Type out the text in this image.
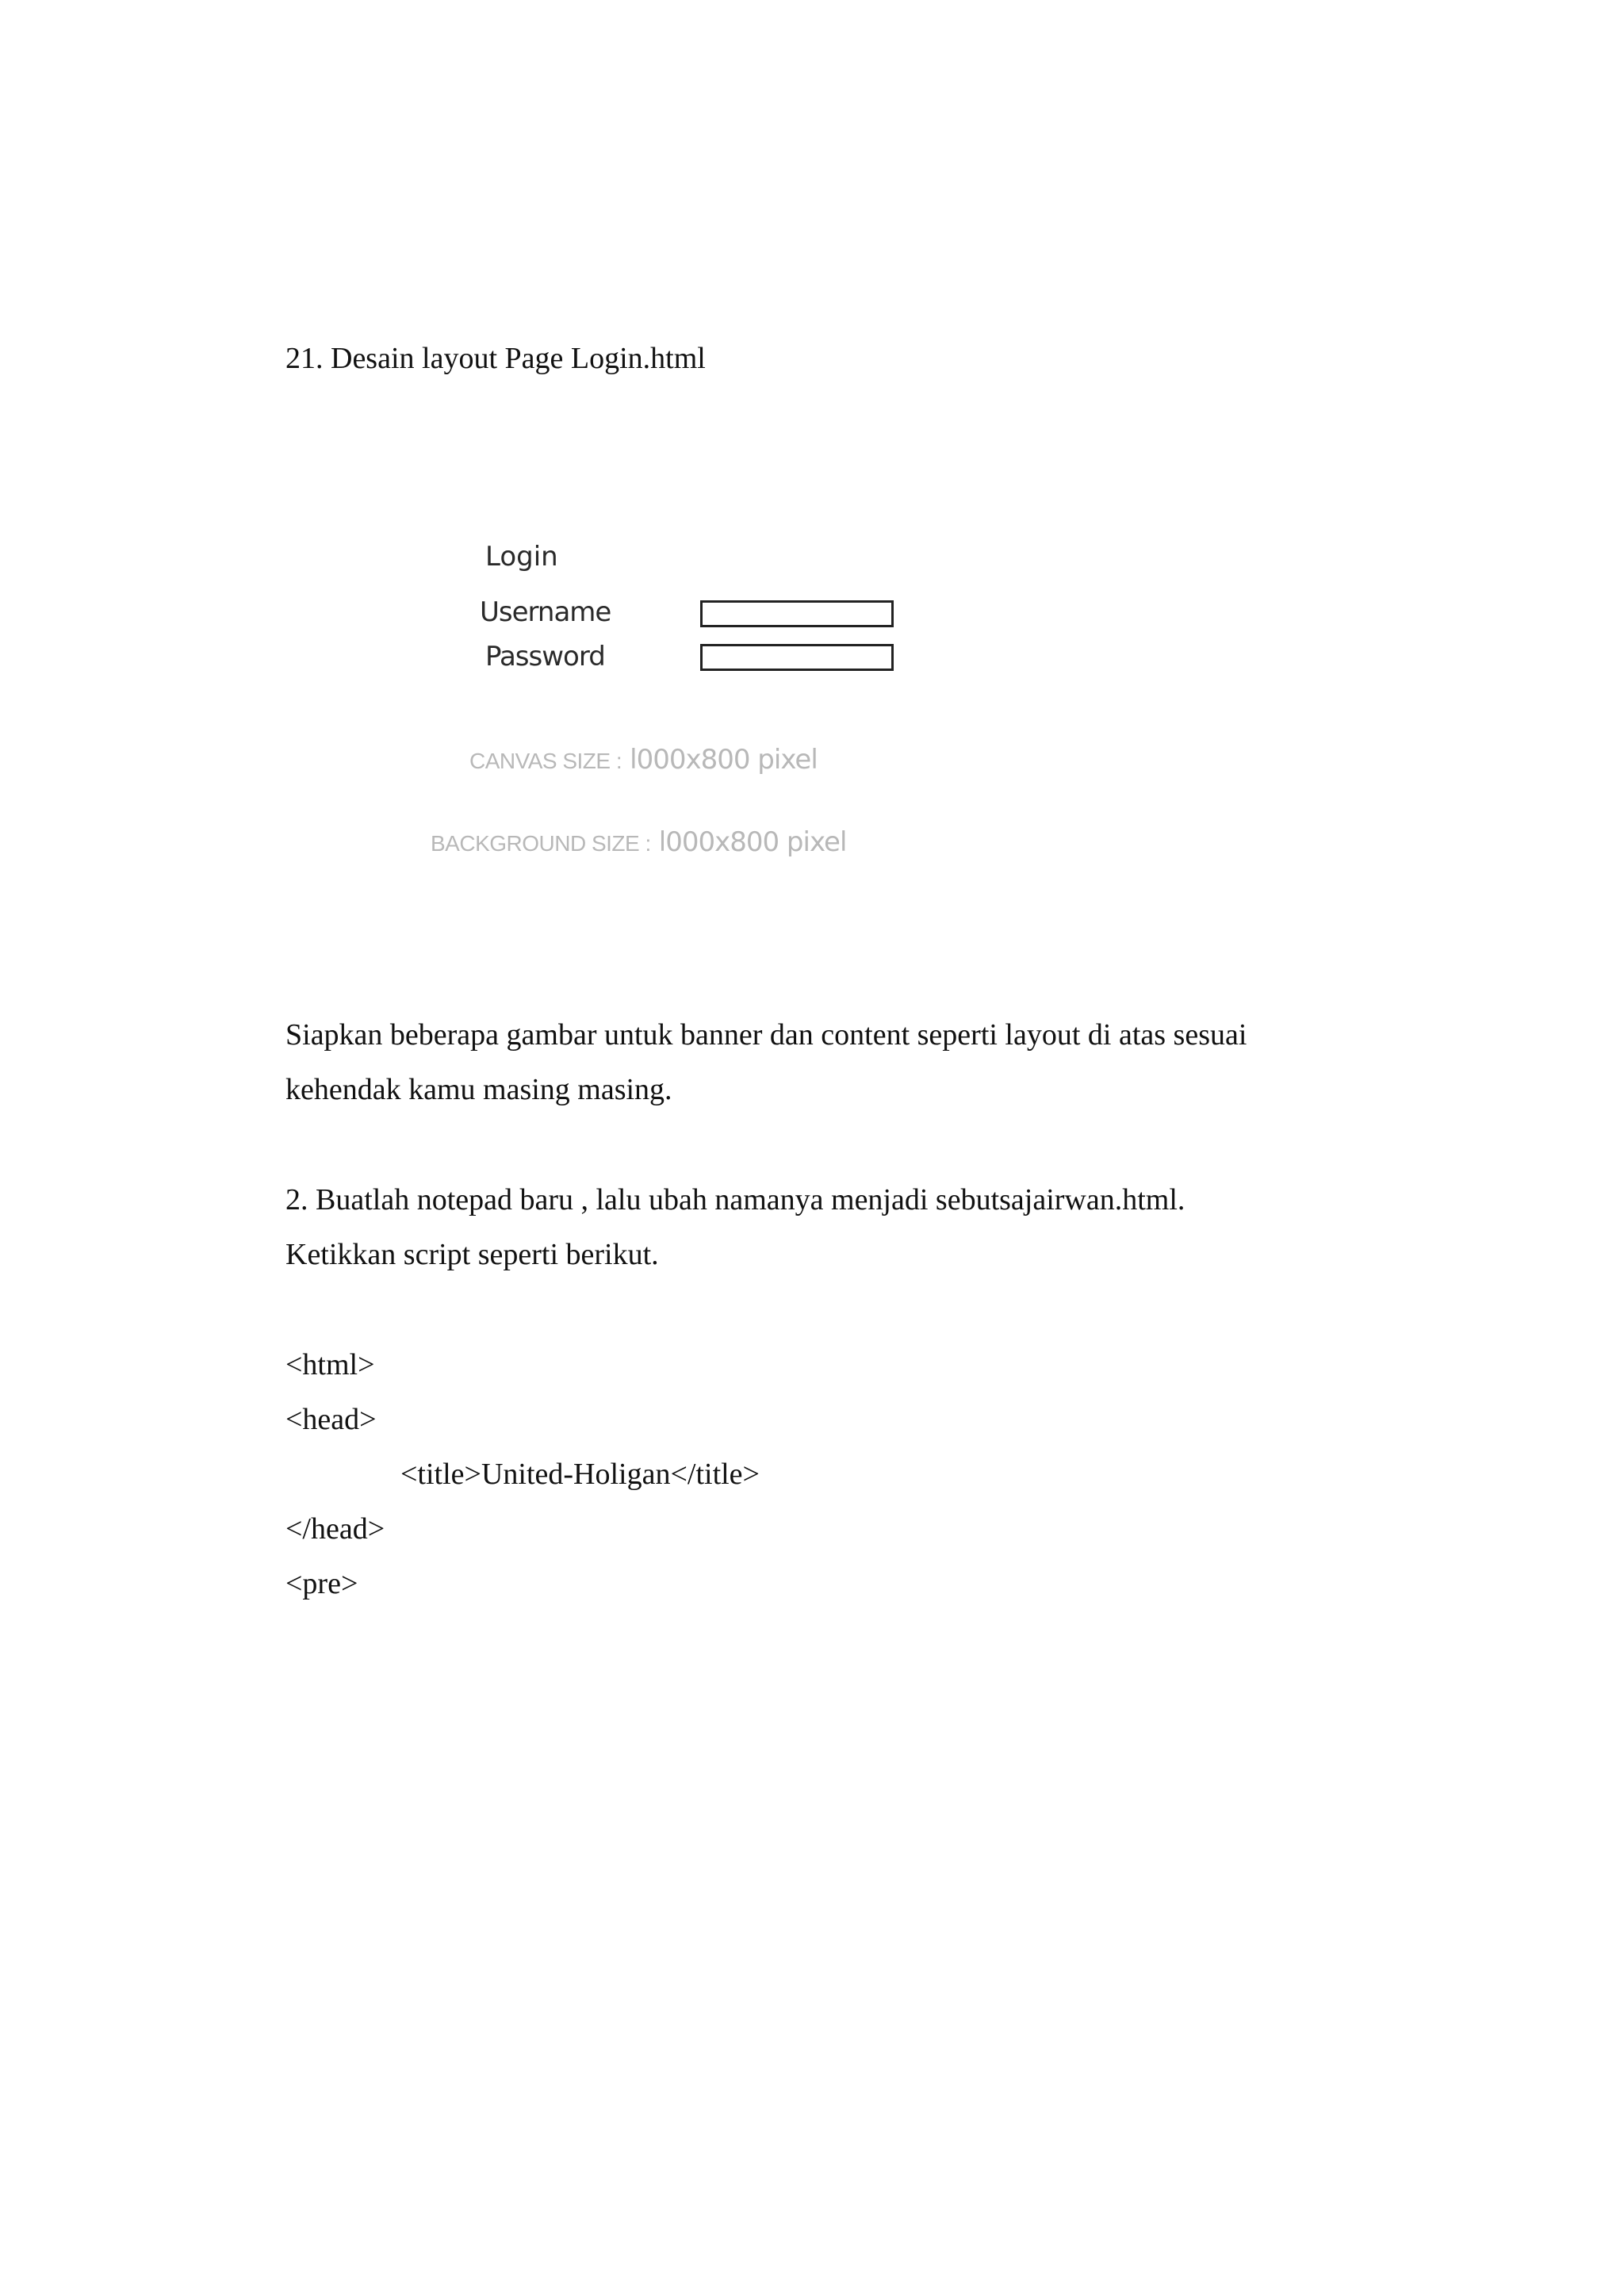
21. Desain layout Page Login.html
Login
Username
Password
CANVAS SIZE : l000x800 pixel
BACKGROUND SIZE : l000x800 pixel
Siapkan beberapa gambar untuk banner dan content seperti layout di atas sesuai
kehendak kamu masing masing.
2. Buatlah notepad baru , lalu ubah namanya menjadi sebutsajairwan.html.
Ketikkan script seperti berikut.
<html>
<head>
<title>United-Holigan</title>
</head>
<pre>
